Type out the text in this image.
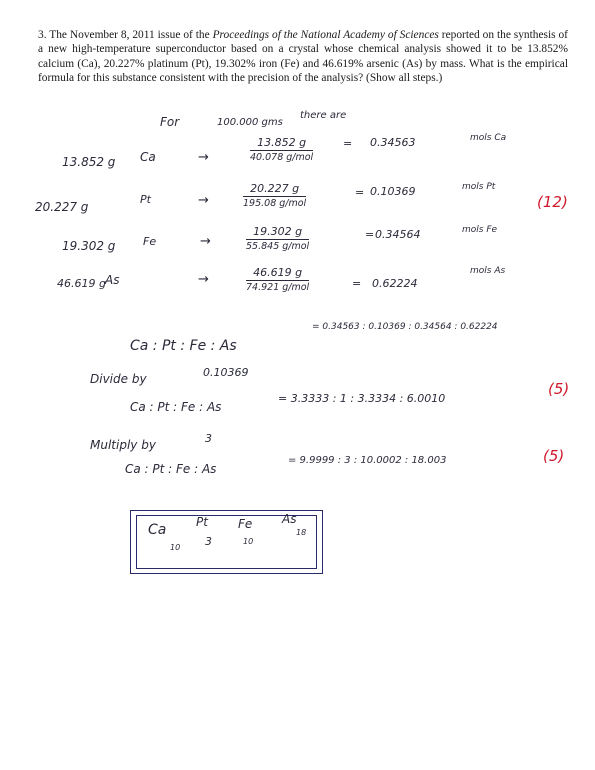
3. The November 8, 2011 issue of the Proceedings of the National Academy of Sciences reported on the synthesis of a new high-temperature superconductor based on a crystal whose chemical analysis showed it to be 13.852% calcium (Ca), 20.227% platinum (Pt), 19.302% iron (Fe) and 46.619% arsenic (As) by mass. What is the empirical formula for this substance consistent with the precision of the analysis? (Show all steps.)
For	100.000 gms
there are
13.852 g Ca	→
13.852 g
40.078 g/mol
= 0.34563	mols Ca
20.227 g
Pt	→
20.227 g
195.08 g/mol
= 0.10369	mols Pt
19.302 g	Fe	→
19.302 g
55.845 g/mol
= 0.34564	mols Fe
46.619 g As	→	46.619 g
74.921 g/mol	= 0.62224
mols As
(12)
Ca : Pt : Fe : As
= 0.34563 : 0.10369 : 0.34564 : 0.62224
Divide by	0.10369
Ca : Pt : Fe : As
= 3.3333 : 1 : 3.3334 : 6.0010
(5)
Multiply by	3
Ca : Pt : Fe : As
= 9.9999 : 3 : 10.0002 : 18.003	(5)
Ca
10
Pt
3
Fe
10
As
18
